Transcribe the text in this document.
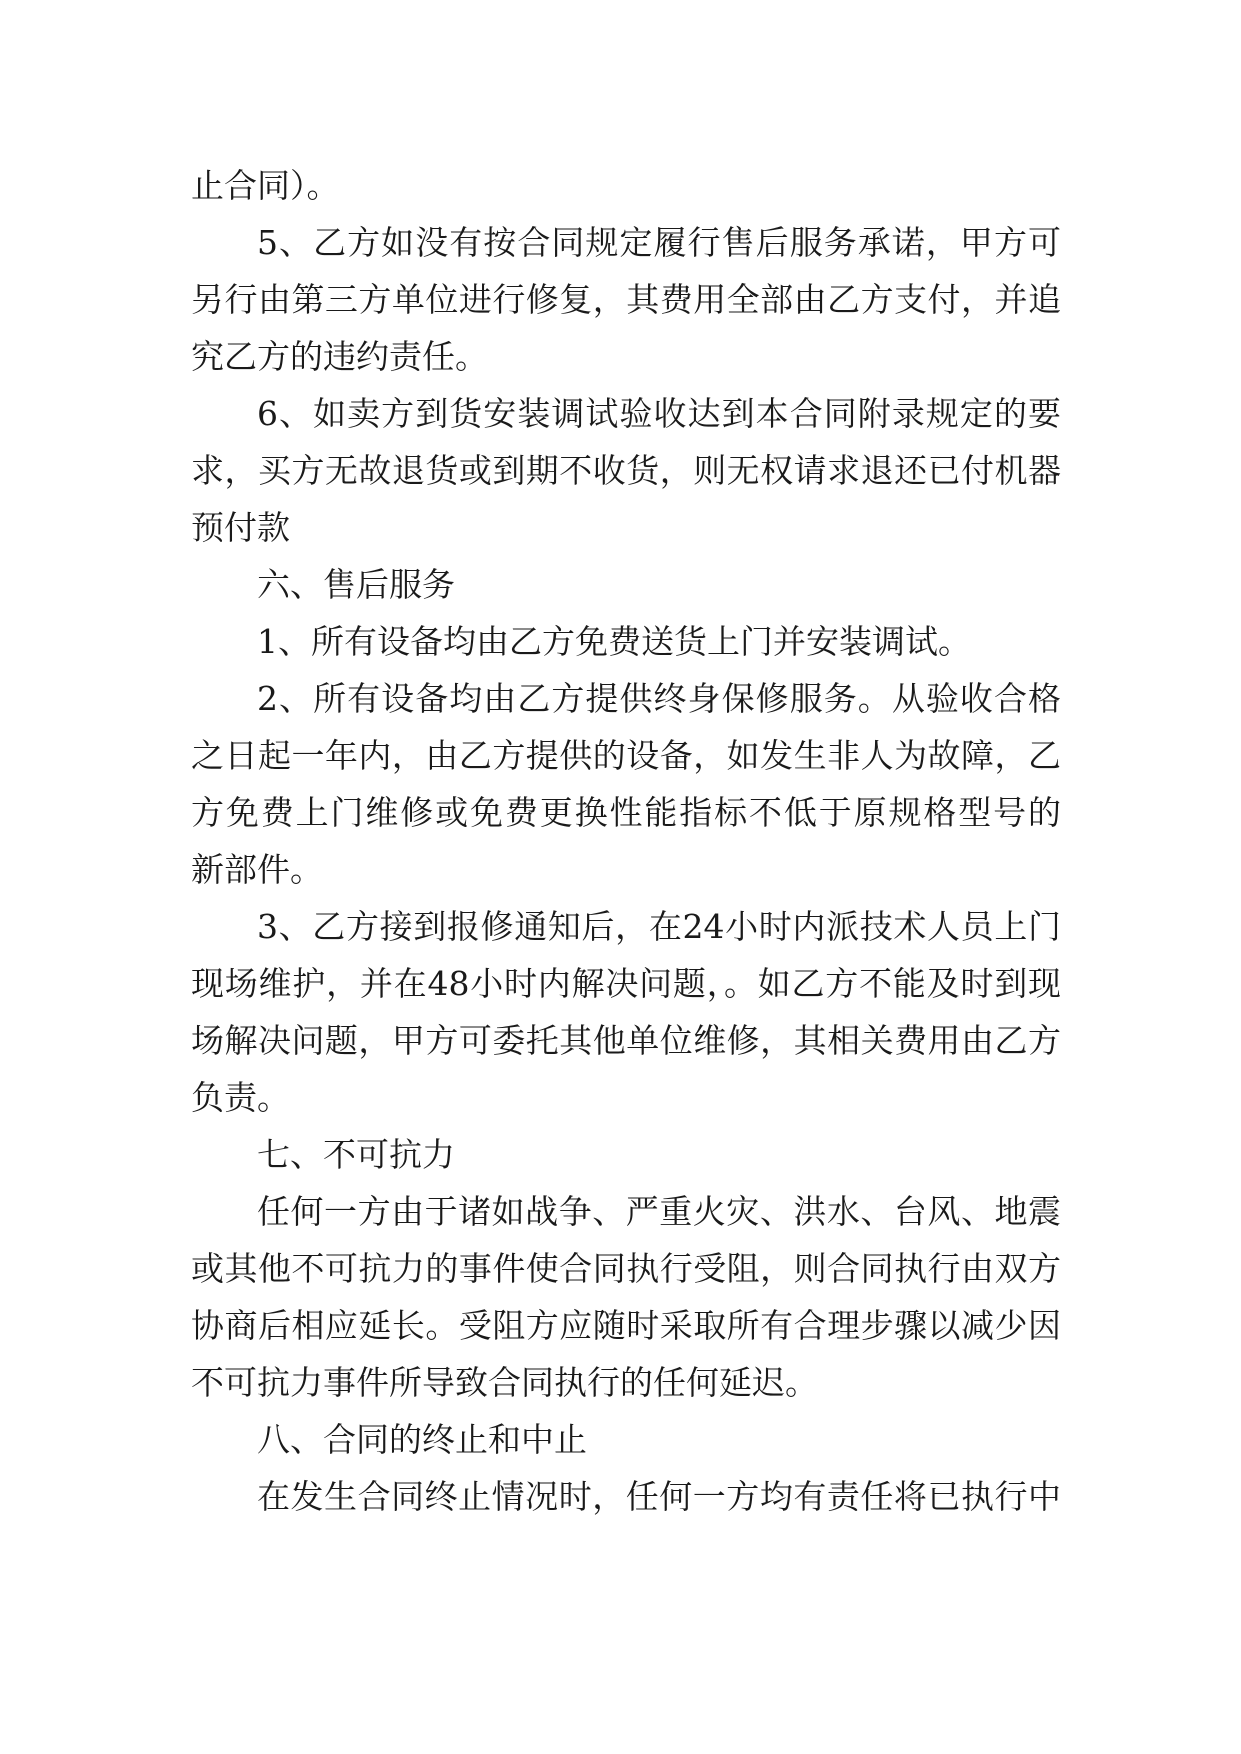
止合同）。
5、乙方如没有按合同规定履行售后服务承诺，甲方可
另行由第三方单位进行修复，其费用全部由乙方支付，并追
究乙方的违约责任。
6、如卖方到货安装调试验收达到本合同附录规定的要
求，买方无故退货或到期不收货，则无权请求退还已付机器
预付款
六、售后服务
1、所有设备均由乙方免费送货上门并安装调试。
2、所有设备均由乙方提供终身保修服务。从验收合格
之日起一年内，由乙方提供的设备，如发生非人为故障，乙
方免费上门维修或免费更换性能指标不低于原规格型号的
新部件。
3、乙方接到报修通知后，在24小时内派技术人员上门
现场维护，并在48小时内解决问题，。如乙方不能及时到现
场解决问题，甲方可委托其他单位维修，其相关费用由乙方
负责。
七、不可抗力
任何一方由于诸如战争、严重火灾、洪水、台风、地震
或其他不可抗力的事件使合同执行受阻，则合同执行由双方
协商后相应延长。受阻方应随时采取所有合理步骤以减少因
不可抗力事件所导致合同执行的任何延迟。
八、合同的终止和中止
在发生合同终止情况时，任何一方均有责任将已执行中
